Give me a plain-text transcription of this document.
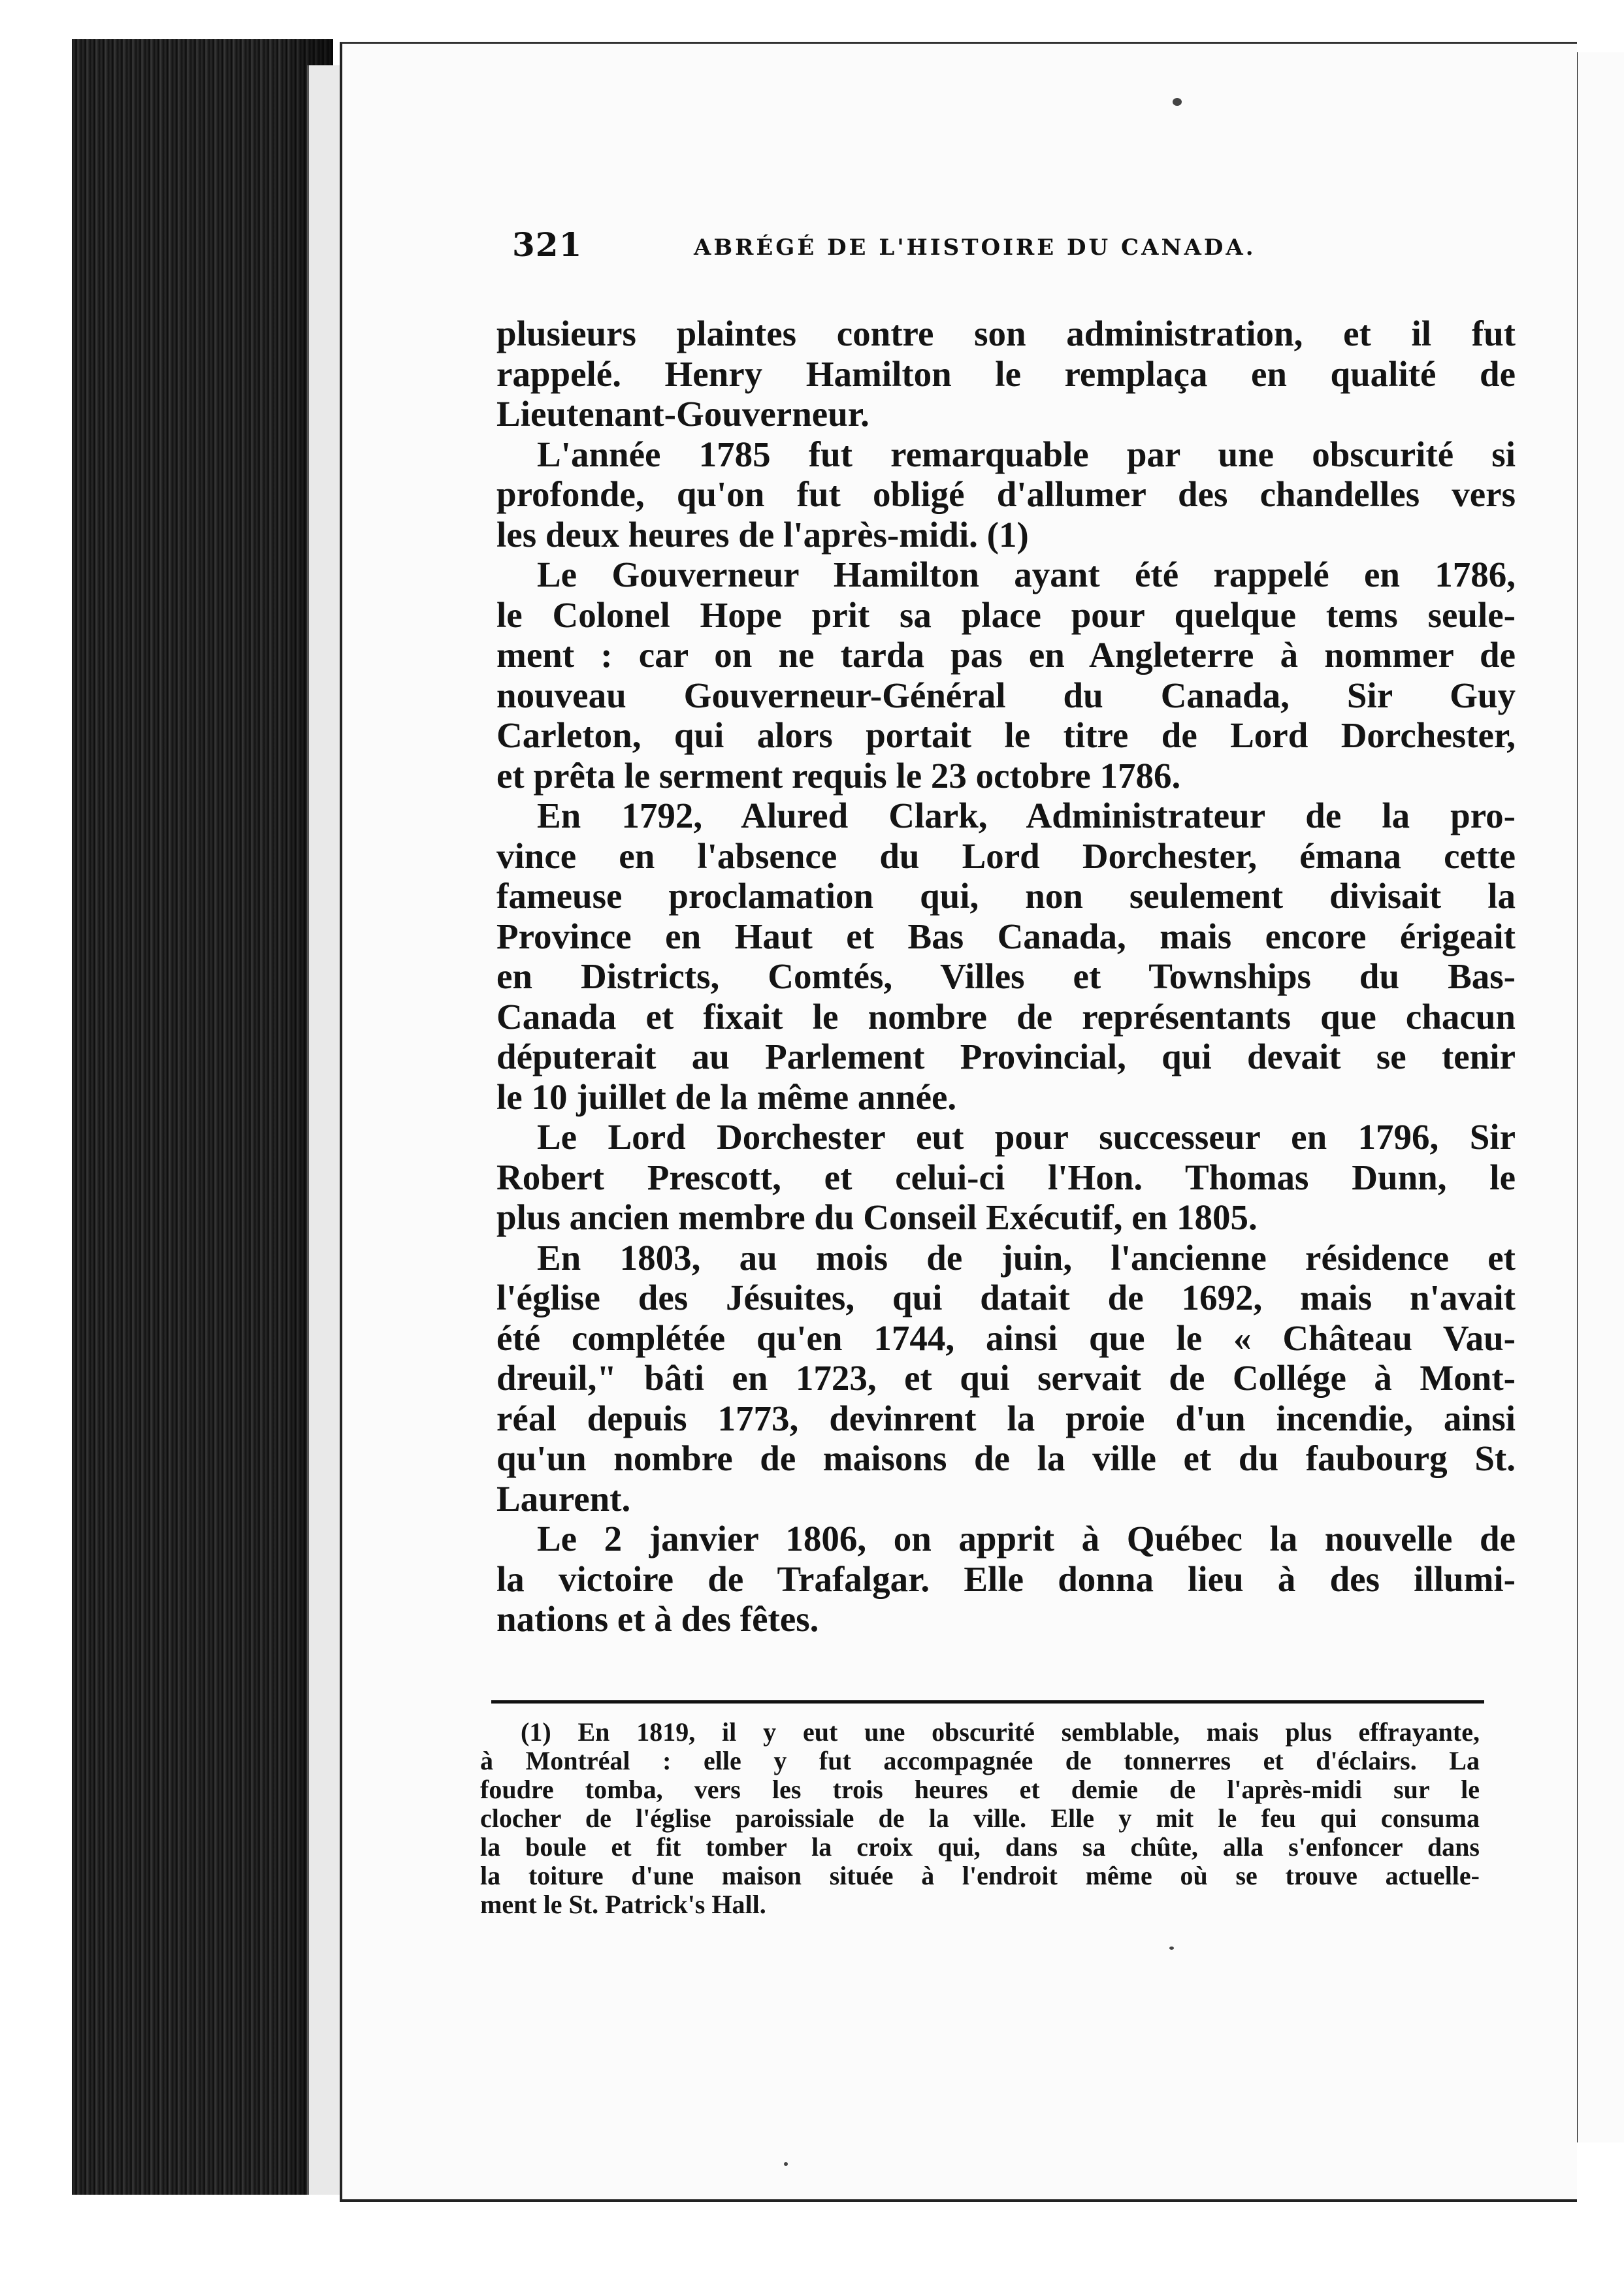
321	ABRÉGÉ DE L'HISTOIRE DU CANADA.
plusieurs plaintes contre son administration, et il fut
rappelé. Henry Hamilton le remplaça en qualité de
Lieutenant-Gouverneur.
L'année 1785 fut remarquable par une obscurité si
profonde, qu'on fut obligé d'allumer des chandelles vers
les deux heures de l'après-midi. (1)
Le Gouverneur Hamilton ayant été rappelé en 1786,
le Colonel Hope prit sa place pour quelque tems seule-
ment : car on ne tarda pas en Angleterre à nommer de
nouveau Gouverneur-Général du Canada, Sir Guy
Carleton, qui alors portait le titre de Lord Dorchester,
et prêta le serment requis le 23 octobre 1786.
En 1792, Alured Clark, Administrateur de la pro-
vince en l'absence du Lord Dorchester, émana cette
fameuse proclamation qui, non seulement divisait la
Province en Haut et Bas Canada, mais encore érigeait
en Districts, Comtés, Villes et Townships du Bas-
Canada et fixait le nombre de représentants que chacun
députerait au Parlement Provincial, qui devait se tenir
le 10 juillet de la même année.
Le Lord Dorchester eut pour successeur en 1796, Sir
Robert Prescott, et celui-ci l'Hon. Thomas Dunn, le
plus ancien membre du Conseil Exécutif, en 1805.
En 1803, au mois de juin, l'ancienne résidence et
l'église des Jésuites, qui datait de 1692, mais n'avait
été complétée qu'en 1744, ainsi que le « Château Vau-
dreuil," bâti en 1723, et qui servait de Collége à Mont-
réal depuis 1773, devinrent la proie d'un incendie, ainsi
qu'un nombre de maisons de la ville et du faubourg St.
Laurent.
Le 2 janvier 1806, on apprit à Québec la nouvelle de
la victoire de Trafalgar. Elle donna lieu à des illumi-
nations et à des fêtes.
(1) En 1819, il y eut une obscurité semblable, mais plus effrayante,
à Montréal : elle y fut accompagnée de tonnerres et d'éclairs. La
foudre tomba, vers les trois heures et demie de l'après-midi sur le
clocher de l'église paroissiale de la ville. Elle y mit le feu qui consuma
la boule et fit tomber la croix qui, dans sa chûte, alla s'enfoncer dans
la toiture d'une maison située à l'endroit même où se trouve actuelle-
ment le St. Patrick's Hall.
